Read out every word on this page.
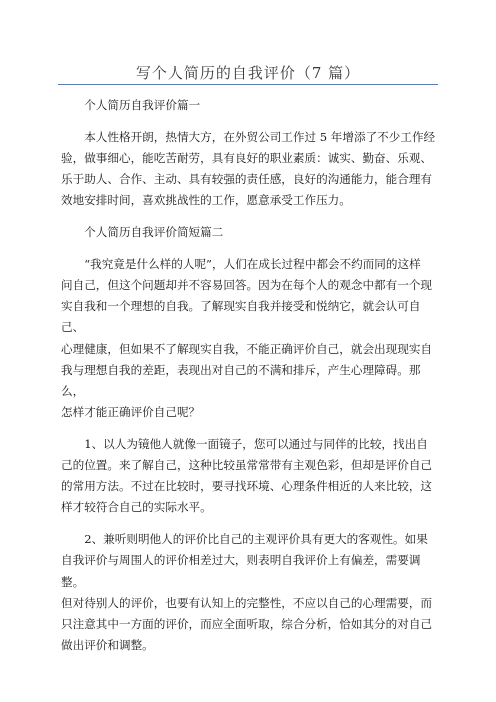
写个人简历的自我评价（7 篇）

个人简历自我评价篇一

本人性格开朗，热情大方，在外贸公司工作过 5 年增添了不少工作经
验，做事细心，能吃苦耐劳，具有良好的职业素质：诚实、勤奋、乐观、
乐于助人、合作、主动、具有较强的责任感，良好的沟通能力，能合理有
效地安排时间，喜欢挑战性的工作，愿意承受工作压力。

个人简历自我评价简短篇二

“我究竟是什么样的人呢”，人们在成长过程中都会不约而同的这样
问自己，但这个问题却并不容易回答。因为在每个人的观念中都有一个现
实自我和一个理想的自我。了解现实自我并接受和悦纳它，就会认可自己、
心理健康，但如果不了解现实自我，不能正确评价自己，就会出现现实自
我与理想自我的差距，表现出对自己的不满和排斥，产生心理障碍。那么，
怎样才能正确评价自己呢？

1、以人为镜他人就像一面镜子，您可以通过与同伴的比较，找出自
己的位置。来了解自己，这种比较虽常常带有主观色彩，但却是评价自己
的常用方法。不过在比较时，要寻找环境、心理条件相近的人来比较，这
样才较符合自己的实际水平。

2、兼听则明他人的评价比自己的主观评价具有更大的客观性。如果
自我评价与周围人的评价相差过大，则表明自我评价上有偏差，需要调整。
但对待别人的评价，也要有认知上的完整性，不应以自己的心理需要，而
只注意其中一方面的评价，而应全面听取，综合分析，恰如其分的对自己
做出评价和调整。
